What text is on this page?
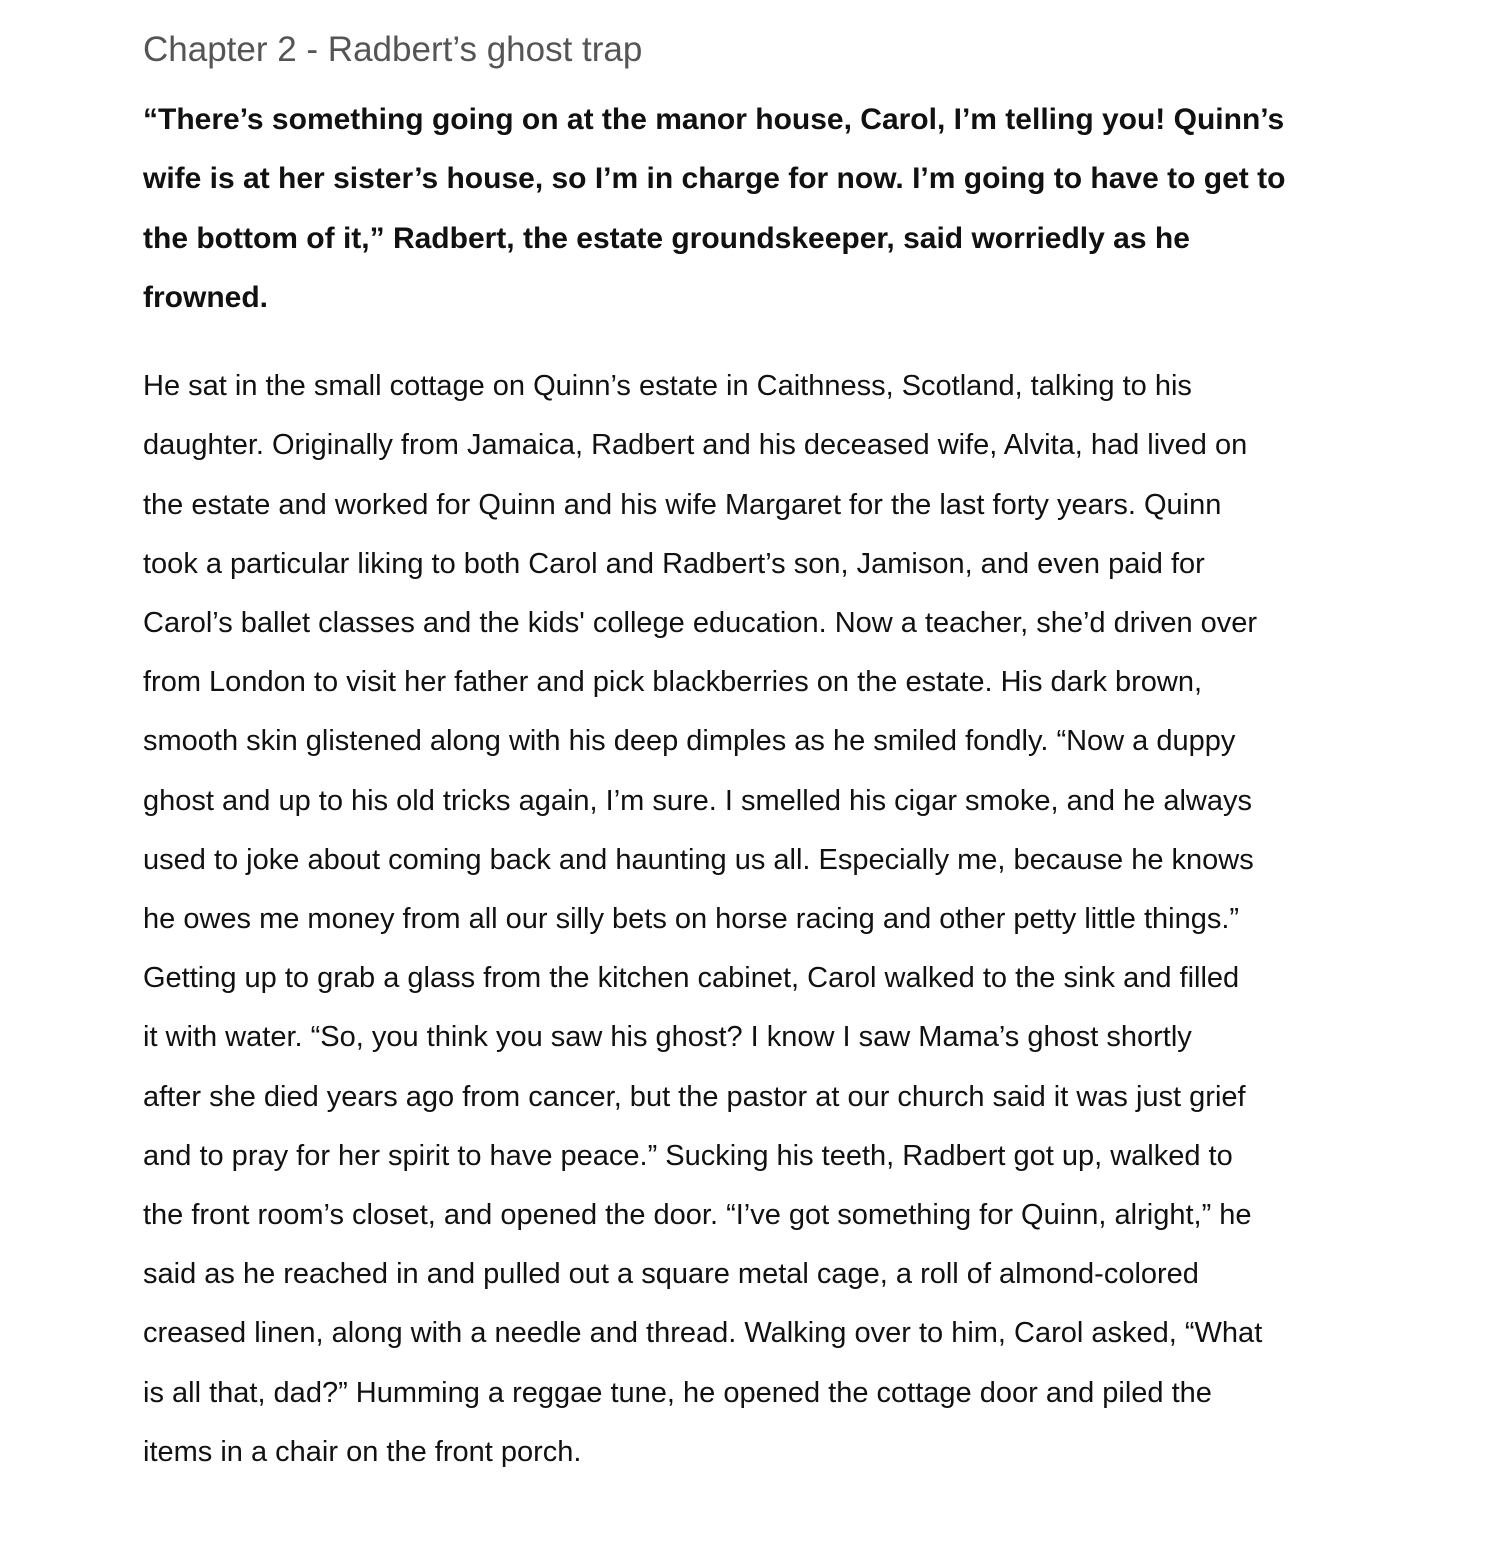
Chapter 2 - Radbert’s ghost trap

“There’s something going on at the manor house, Carol, I’m telling you! Quinn’s
wife is at her sister’s house, so I’m in charge for now. I’m going to have to get to
the bottom of it,” Radbert, the estate groundskeeper, said worriedly as he
frowned.

He sat in the small cottage on Quinn’s estate in Caithness, Scotland, talking to his
daughter. Originally from Jamaica, Radbert and his deceased wife, Alvita, had lived on
the estate and worked for Quinn and his wife Margaret for the last forty years. Quinn
took a particular liking to both Carol and Radbert’s son, Jamison, and even paid for
Carol’s ballet classes and the kids' college education. Now a teacher, she’d driven over
from London to visit her father and pick blackberries on the estate. His dark brown,
smooth skin glistened along with his deep dimples as he smiled fondly. “Now a duppy
ghost and up to his old tricks again, I’m sure. I smelled his cigar smoke, and he always
used to joke about coming back and haunting us all. Especially me, because he knows
he owes me money from all our silly bets on horse racing and other petty little things.”
Getting up to grab a glass from the kitchen cabinet, Carol walked to the sink and filled
it with water. “So, you think you saw his ghost? I know I saw Mama’s ghost shortly
after she died years ago from cancer, but the pastor at our church said it was just grief
and to pray for her spirit to have peace.” Sucking his teeth, Radbert got up, walked to
the front room’s closet, and opened the door. “I’ve got something for Quinn, alright,” he
said as he reached in and pulled out a square metal cage, a roll of almond-colored
creased linen, along with a needle and thread. Walking over to him, Carol asked, “What
is all that, dad?” Humming a reggae tune, he opened the cottage door and piled the
items in a chair on the front porch.
